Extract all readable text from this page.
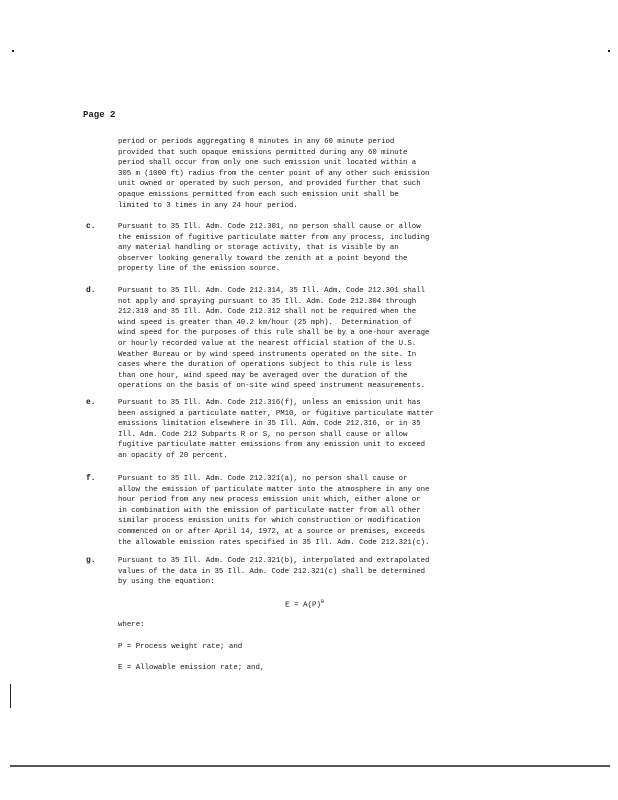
Page 2
period or periods aggregating 8 minutes in any 60 minute period
provided that such opaque emissions permitted during any 60 minute
period shall occur from only one such emission unit located within a
305 m (1000 ft) radius from the center point of any other such emission
unit owned or operated by such person, and provided further that such
opaque emissions permitted from each such emission unit shall be
limited to 3 times in any 24 hour period.
c.	Pursuant to 35 Ill. Adm. Code 212.301, no person shall cause or allow
the emission of fugitive particulate matter from any process, including
any material handling or storage activity, that is visible by an
observer looking generally toward the zenith at a point beyond the
property line of the emission source.
d.	Pursuant to 35 Ill. Adm. Code 212.314, 35 Ill. Adm. Code 212.301 shall
not apply and spraying pursuant to 35 Ill. Adm. Code 212.304 through
212.310 and 35 Ill. Adm. Code 212.312 shall not be required when the
wind speed is greater than 40.2 km/hour (25 mph).  Determination of
wind speed for the purposes of this rule shall be by a one-hour average
or hourly recorded value at the nearest official station of the U.S.
Weather Bureau or by wind speed instruments operated on the site. In
cases where the duration of operations subject to this rule is less
than one hour, wind speed may be averaged over the duration of the
operations on the basis of on-site wind speed instrument measurements.
e.	Pursuant to 35 Ill. Adm. Code 212.316(f), unless an emission unit has
been assigned a particulate matter, PM10, or fugitive particulate matter
emissions limitation elsewhere in 35 Ill. Adm. Code 212.316, or in 35
Ill. Adm. Code 212 Subparts R or S, no person shall cause or allow
fugitive particulate matter emissions from any emission unit to exceed
an opacity of 20 percent.
f.	Pursuant to 35 Ill. Adm. Code 212.321(a), no person shall cause or
allow the emission of particulate matter into the atmosphere in any one
hour period from any new process emission unit which, either alone or
in combination with the emission of particulate matter from all other
similar process emission units for which construction or modification
commenced on or after April 14, 1972, at a source or premises, exceeds
the allowable emission rates specified in 35 Ill. Adm. Code 212.321(c).
g.	Pursuant to 35 Ill. Adm. Code 212.321(b), interpolated and extrapolated
values of the data in 35 Ill. Adm. Code 212.321(c) shall be determined
by using the equation:
$E = A(P)^B$
where:
P = Process weight rate; and
E = Allowable emission rate; and,
